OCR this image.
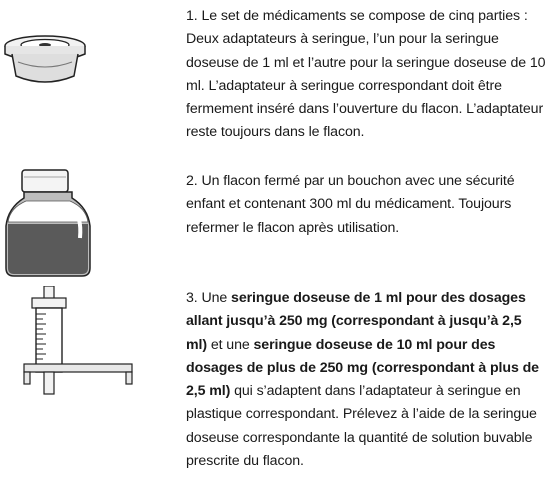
1. Le set de médicaments se compose de cinq parties : Deux adaptateurs à seringue, l’un pour la seringue doseuse de 1 ml et l’autre pour la seringue doseuse de 10 ml. L’adaptateur à seringue correspondant doit être fermement inséré dans l’ouverture du flacon. L’adaptateur reste toujours dans le flacon.

2. Un flacon fermé par un bouchon avec une sécurité enfant et contenant 300 ml du médicament. Toujours refermer le flacon après utilisation.

3. Une seringue doseuse de 1 ml pour des dosages allant jusqu’à 250 mg (correspondant à jusqu’à 2,5 ml) et une seringue doseuse de 10 ml pour des dosages de plus de 250 mg (correspondant à plus de 2,5 ml) qui s’adaptent dans l’adaptateur à seringue en plastique correspondant. Prélevez à l’aide de la seringue doseuse correspondante la quantité de solution buvable prescrite du flacon.
